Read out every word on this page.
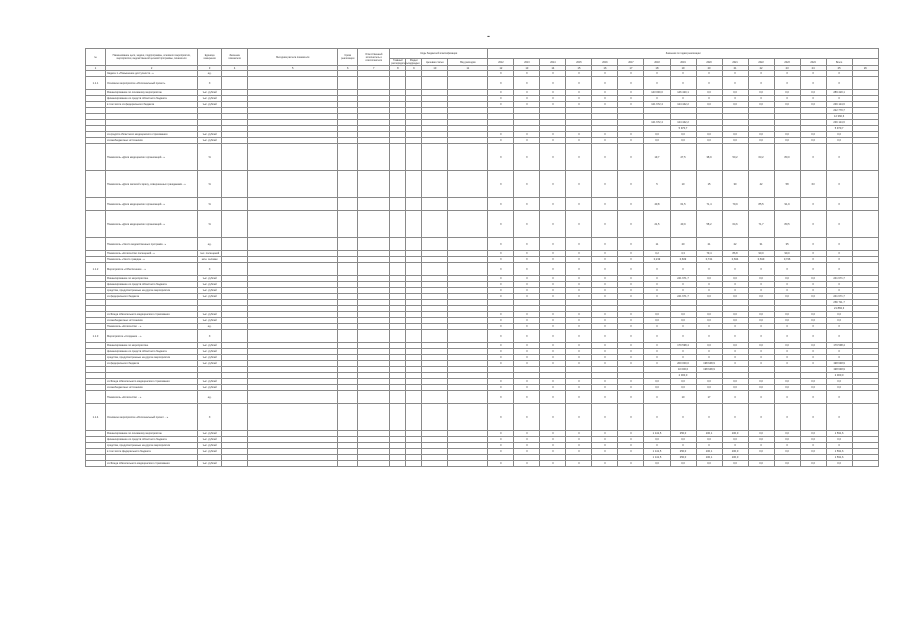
-
№	Наименование цели, задачи, подпрограммы, основного мероприятия, мероприятия, ведомственной целевой программы, показателя	Единица измерения	Значение показателя	Методика расчета показателя	Сроки реализации	Ответственный исполнитель и соисполнители	Коды бюджетной классификации				Значения по годам реализации														
							Главный распорядитель	Раздел подраздел	Целевая статья	Вид расходов	2012	2013	2014	2015	2016	2017	2018	2019	2020	2021	2022	2023	2024	Всего	
1	2	3	4	5	6	7	8	9	10	11	12	13	14	15	16	17	18	19	20	21	22	23	24	25	26
	Задача 1 «Повышение доступности...»	ед.									Х	Х	Х	Х	Х	Х	Х	Х	Х	Х	Х	Х	Х	Х	
1.1.1	Основное мероприятие «Региональный проект»	Х									Х	Х	Х	Х	Х	Х	Х	Х	Х	Х	Х	Х	Х	Х	
	Финансирование по основному мероприятию	тыс. рублей									0	0	0	0	0	0	143 000,0	146 420,1	0,0	0,0	0,0	0,0	0,0	289 420,1	
	финансирование из средств областного бюджета	тыс. рублей									0	0	0	0	0	0	0	0	0	0	0	0	0	0	
	в том числе из федерального бюджета	тыс. рублей									0	0	0	0	0	0	121 672,4	124 442,2	0,0	0,0	0,0	0,0	0,0	246 114,6	
																								222 770,7	
																								12 360,6	
																	121 672,4	124 442,2						246 114,6	
																		5 970,7						5 970,7	
	из средств областного медицинского страхования	тыс. рублей									0	0	0	0	0	0	0,0	0,0	0,0	0,0	0,0	0,0	0,0	0,0	
	из внебюджетных источников	тыс. рублей									0	0	0	0	0	0	0,0	0,0	0,0	0,0	0,0	0,0	0,0	0,0	
	Показатель «Доля медицинских организаций...»	%									Х	Х	Х	Х	Х	Х	19,7	27,5	38,9	50,2	63,2	80,0	Х	Х	
	Показатель «Доля записей к врачу, совершенных гражданами...»	%									Х	Х	Х	Х	Х	Х	5	10	15	30	42	58	63	Х	
	Показатель «Доля медицинских организаций...»	%									Х	Х	Х	Х	Х	Х	40,8	61,5	71,4	79,9	85,5	91,9	Х	Х	
	Показатель «Доля медицинских организаций...»	%									Х	Х	Х	Х	Х	Х	21,5	40,9	58,2	64,6	71,7	80,5	Х	Х	
	Показатель «Число ведомственных программ...»	ед.									Х	Х	Х	Х	Х	Х	11	20	21	22	31	35	Х	Х	
	Показатель «Количество посещений...»	тыс. посещений									Х	Х	Х	Х	Х	Х	0,2	3,3	79,4	86,8	90,0	99,0	Х	Х	
	Показатель «Число граждан...»	млн. человек									Х	Х	Х	Х	Х	Х	0,219	0,609	0,741	0,844	0,819	0,746	Х	Х	
1.1.2	Мероприятие «Обеспечение ...»	Х									Х	Х	Х	Х	Х	Х	Х	Х	Х	Х	Х	Х	Х	Х	
	Финансирование по мероприятию	тыс. рублей									0	0	0	0	0	0	0	241 671,7	0,0	0,0	0,0	0,0	0,0	241 671,7	
	финансирование из средств областного бюджета	тыс. рублей									0	0	0	0	0	0	0	0	0	0	0	0	0	0	
	средства, предусмотренные на другие мероприятия	тыс. рублей									0	0	0	0	0	0	0	0	0	0	0	0	0	0	
	из федерального бюджета	тыс. рублей									0	0	0	0	0	0	0	241 671,7	0,0	0,0	0,0	0,0	0,0	241 671,7	
																								266 711,7	
																								21 884,3	
	из Фонда обязательного медицинского страхования	тыс. рублей									0	0	0	0	0	0	0,0	0,0	0,0	0,0	0,0	0,0	0,0	0,0	
	из внебюджетных источников	тыс. рублей									0	0	0	0	0	0	0,0	0,0	0,0	0,0	0,0	0,0	0,0	0,0	
	Показатель «Количество ...»	ед.									Х	Х	Х	Х	Х	Х	0	0	0	0	0	0	Х	Х	
1.1.3	Мероприятие «Создание ...»	Х									Х	Х	Х	Х	Х	Х	Х	Х	Х	Х	Х	Х	Х	Х	
	Финансирование по мероприятию	тыс. рублей									0	0	0	0	0	0	0	179 598,4	0,0	0,0	0,0	0,0	0,0	179 598,4	
	финансирование из средств областного бюджета	тыс. рублей									0	0	0	0	0	0	0	0	0	0	0	0	0	0	
	средства, предусмотренные на другие мероприятия	тыс. рублей									0	0	0	0	0	0	0	0	0	0	0	0	0	0	
	из федерального бюджета	тыс. рублей									0	0	0	0	0	0	0	200 000,0	198 648,9	0	0	0	0	198 648,9	
																		10 000,0	198 648,9					198 648,9	
																		2 000,0						2 000,0	
	из Фонда обязательного медицинского страхования	тыс. рублей									0	0	0	0	0	0	0,0	0,0	0,0	0,0	0,0	0,0	0,0	0,0	
	из внебюджетных источников	тыс. рублей									0	0	0	0	0	0	0,0	0,0	0,0	0,0	0,0	0,0	0,0	0,0	
	Показатель «Количество ...»	ед.									Х	Х	Х	Х	Х	Х	0	10	17	0	0	0	Х	Х	
1.1.4	Основное мероприятие «Региональный проект ...»	Х									Х	Х	Х	Х	Х	Х	Х	Х	Х	Х	Х	Х	Х	Х	
	Финансирование по основному мероприятию	тыс. рублей									0	0	0	0	0	0	1 141,5	250,0	100,1	100,0	0,0	0,0	0,0	1 591,6	
	финансирование из средств областного бюджета	тыс. рублей									0	0	0	0	0	0	0,0	0,0	0,0	0,0	0,0	0,0	0,0	0,0	
	средства, предусмотренные на другие мероприятия	тыс. рублей									0	0	0	0	0	0	0	0	0	0	0	0	0	0	
	в том числе федерального бюджета	тыс. рублей									0	0	0	0	0	0	1 141,5	250,0	100,1	100,0	0,0	0,0	0,0	1 591,6	
																	1 141,5	250,0	100,1	100,0				1 591,6	
	из Фонда обязательного медицинского страхования	тыс. рублей									0	0	0	0	0	0	0,0	0,0	0,0	0,0	0,0	0,0	0,0	0,0	
